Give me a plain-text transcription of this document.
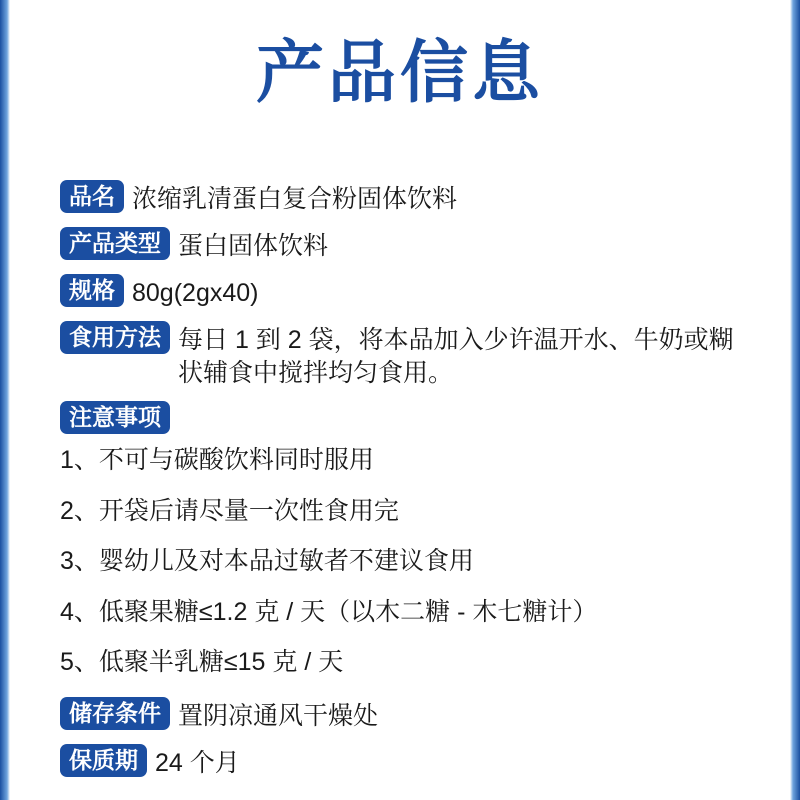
产品信息
品名 浓缩乳清蛋白复合粉固体饮料
产品类型 蛋白固体饮料
规格 80g(2gx40)
食用方法 每日 1 到 2 袋，将本品加入少许温开水、牛奶或糊状辅食中搅拌均匀食用。
注意事项
1、不可与碳酸饮料同时服用
2、开袋后请尽量一次性食用完
3、婴幼儿及对本品过敏者不建议食用
4、低聚果糖≤1.2 克 / 天（以木二糖 - 木七糖计）
5、低聚半乳糖≤15 克 / 天
储存条件 置阴凉通风干燥处
保质期 24 个月
